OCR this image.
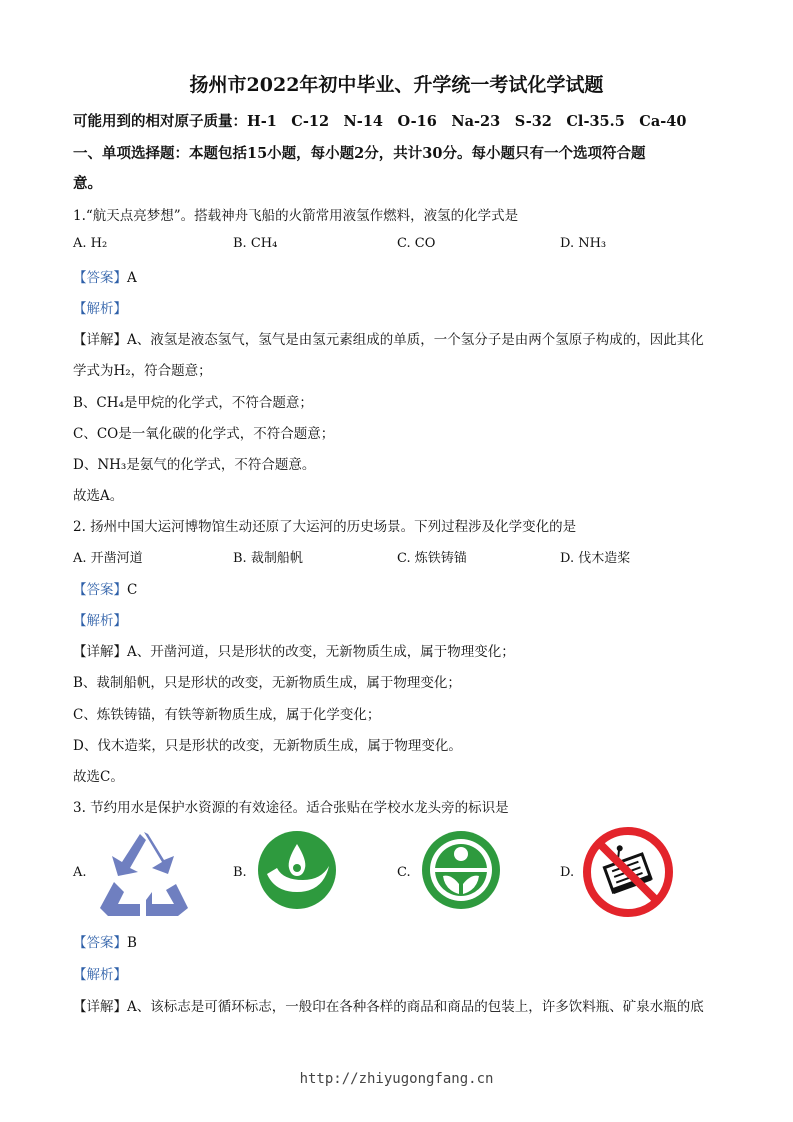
扬州市2022年初中毕业、升学统一考试化学试题
可能用到的相对原子质量：H-1　C-12　N-14　O-16　Na-23　S-32　Cl-35.5　Ca-40
一、单项选择题：本题包括15小题，每小题2分，共计30分。每小题只有一个选项符合题
意。
1.“航天点亮梦想”。搭载神舟飞船的火箭常用液氢作燃料，液氢的化学式是
A. H₂	B. CH₄	C. CO	D. NH₃
【答案】A
【解析】
【详解】A、液氢是液态氢气，氢气是由氢元素组成的单质，一个氢分子是由两个氢原子构成的，因此其化
学式为H₂，符合题意；
B、CH₄是甲烷的化学式，不符合题意；
C、CO是一氧化碳的化学式，不符合题意；
D、NH₃是氨气的化学式，不符合题意。
故选A。
2. 扬州中国大运河博物馆生动还原了大运河的历史场景。下列过程涉及化学变化的是
A. 开凿河道	B. 裁制船帆	C. 炼铁铸锚	D. 伐木造桨
【答案】C
【解析】
【详解】A、开凿河道，只是形状的改变，无新物质生成，属于物理变化；
B、裁制船帆，只是形状的改变，无新物质生成，属于物理变化；
C、炼铁铸锚，有铁等新物质生成，属于化学变化；
D、伐木造桨，只是形状的改变，无新物质生成，属于物理变化。
故选C。
3. 节约用水是保护水资源的有效途径。适合张贴在学校水龙头旁的标识是
A.	B.	C.	D.
【答案】B
【解析】
【详解】A、该标志是可循环标志，一般印在各种各样的商品和商品的包装上，许多饮料瓶、矿泉水瓶的底
http://zhiyugongfang.cn
